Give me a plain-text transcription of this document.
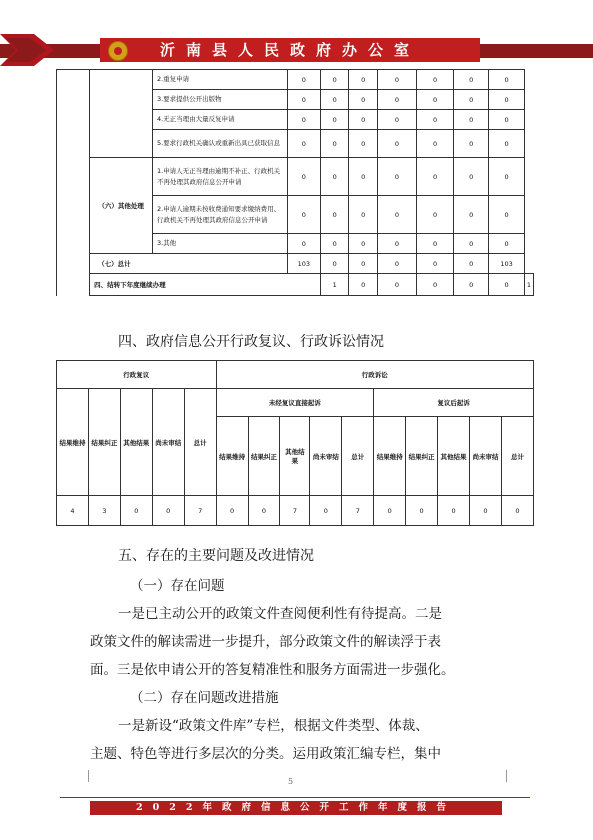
沂南县人民政府办公室
		2.重复申请	0	0	0	0	0	0	0	
		3.要求提供公开出版物	0	0	0	0	0	0	0	
		4.无正当理由大量反复申请	0	0	0	0	0	0	0	
		5.要求行政机关确认或重新出具已获取信息	0	0	0	0	0	0	0	
	（六）其他处理	1.申请人无正当理由逾期不补正、行政机关不再处理其政府信息公开申请	0	0	0	0	0	0	0	
		2.申请人逾期未按收费通知要求缴纳费用、行政机关不再处理其政府信息公开申请	0	0	0	0	0	0	0	
		3.其他	0	0	0	0	0	0	0	
	（七）总计		103	0	0	0	0	0	103	
	四、结转下年度继续办理			1	0	0	0	0	0	1
四、政府信息公开行政复议、行政诉讼情况
行政复议					行政诉讼									
结果维持	结果纠正	其他结果	尚未审结	总计	未经复议直接起诉					复议后起诉				
					结果维持	结果纠正	其他结果	尚未审结	总计	结果维持	结果纠正	其他结果	尚未审结	总计
4	3	0	0	7	0	0	7	0	7	0	0	0	0	0
五、存在的主要问题及改进情况
（一）存在问题
一是已主动公开的政策文件查阅便利性有待提高。二是
政策文件的解读需进一步提升，部分政策文件的解读浮于表
面。三是依申请公开的答复精准性和服务方面需进一步强化。
（二）存在问题改进措施
一是新设“政策文件库”专栏，根据文件类型、体裁、
主题、特色等进行多层次的分类。运用政策汇编专栏，集中
5
2022年政府信息公开工作年度报告
